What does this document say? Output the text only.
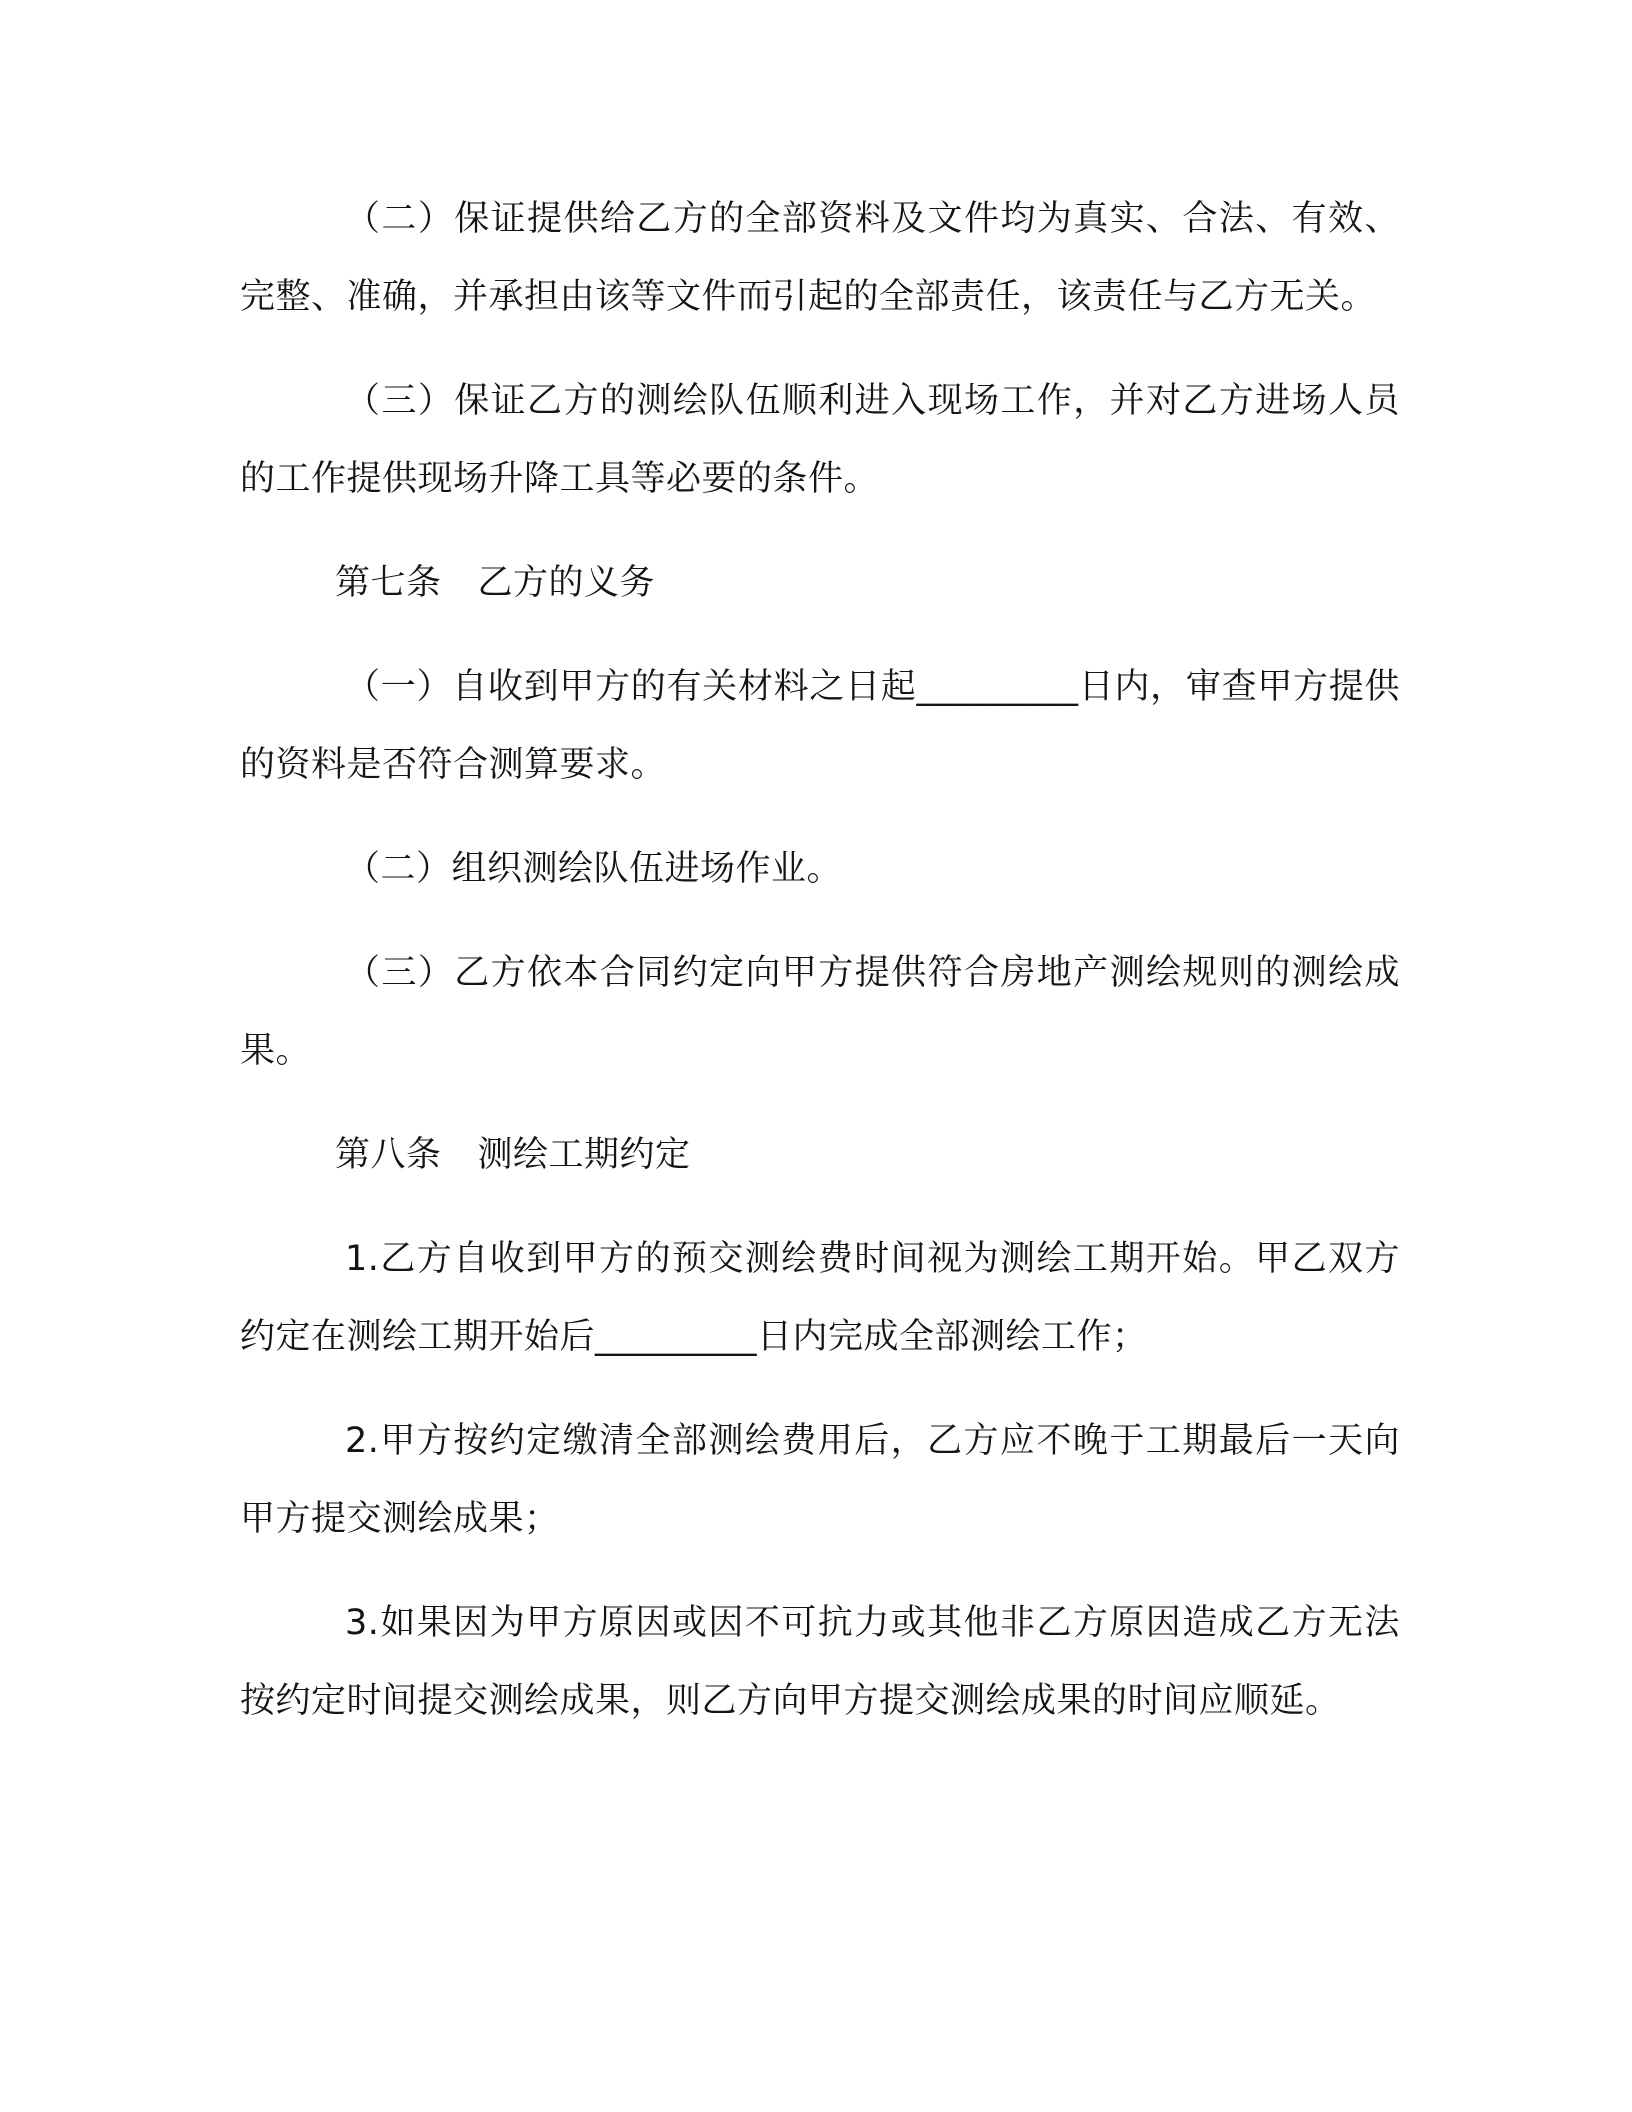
（二）保证提供给乙方的全部资料及文件均为真实、合法、有效、完整、准确，并承担由该等文件而引起的全部责任，该责任与乙方无关。

（三）保证乙方的测绘队伍顺利进入现场工作，并对乙方进场人员的工作提供现场升降工具等必要的条件。

第七条 乙方的义务

（一）自收到甲方的有关材料之日起_________日内，审查甲方提供的资料是否符合测算要求。

（二）组织测绘队伍进场作业。

（三）乙方依本合同约定向甲方提供符合房地产测绘规则的测绘成果。

第八条 测绘工期约定

1.乙方自收到甲方的预交测绘费时间视为测绘工期开始。甲乙双方约定在测绘工期开始后_________日内完成全部测绘工作；

2.甲方按约定缴清全部测绘费用后，乙方应不晚于工期最后一天向甲方提交测绘成果；

3.如果因为甲方原因或因不可抗力或其他非乙方原因造成乙方无法按约定时间提交测绘成果，则乙方向甲方提交测绘成果的时间应顺延。
